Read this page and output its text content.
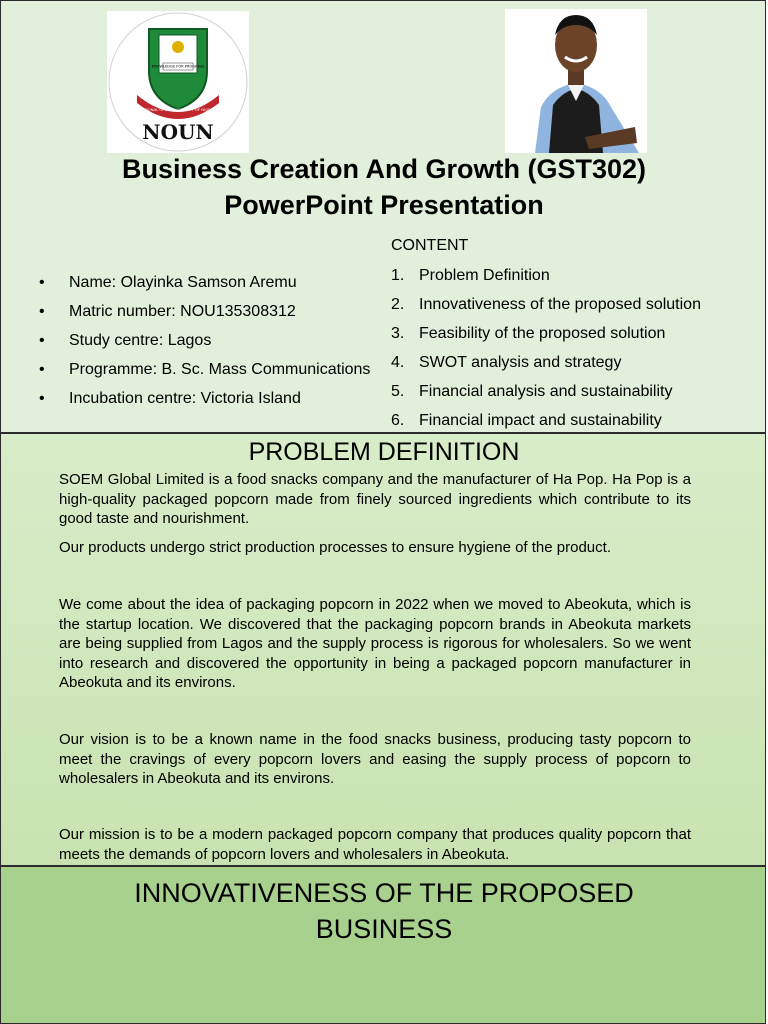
NATIONAL OPEN UNIVERSITY OF NIGERIA
KNOWLEDGE FOR PROGRESS
NOUN
Business Creation And Growth (GST302)
PowerPoint Presentation
• Name: Olayinka Samson Aremu
• Matric number: NOU135308312
• Study centre: Lagos
• Programme: B. Sc. Mass Communications
• Incubation centre: Victoria Island
CONTENT
1. Problem Definition
2. Innovativeness of the proposed solution
3. Feasibility of the proposed solution
4. SWOT analysis and strategy
5. Financial analysis and sustainability
6. Financial impact and sustainability
PROBLEM DEFINITION

SOEM Global Limited is a food snacks company and the manufacturer of Ha Pop. Ha Pop is a high-quality packaged popcorn made from finely sourced ingredients which contribute to its good taste and nourishment.

Our products undergo strict production processes to ensure hygiene of the product.

We come about the idea of packaging popcorn in 2022 when we moved to Abeokuta, which is the startup location. We discovered that the packaging popcorn brands in Abeokuta markets are being supplied from Lagos and the supply process is rigorous for wholesalers. So we went into research and discovered the opportunity in being a packaged popcorn manufacturer in Abeokuta and its environs.

Our vision is to be a known name in the food snacks business, producing tasty popcorn to meet the cravings of every popcorn lovers and easing the supply process of popcorn to wholesalers in Abeokuta and its environs.

Our mission is to be a modern packaged popcorn company that produces quality popcorn that meets the demands of popcorn lovers and wholesalers in Abeokuta.

INNOVATIVENESS OF THE PROPOSED
BUSINESS
